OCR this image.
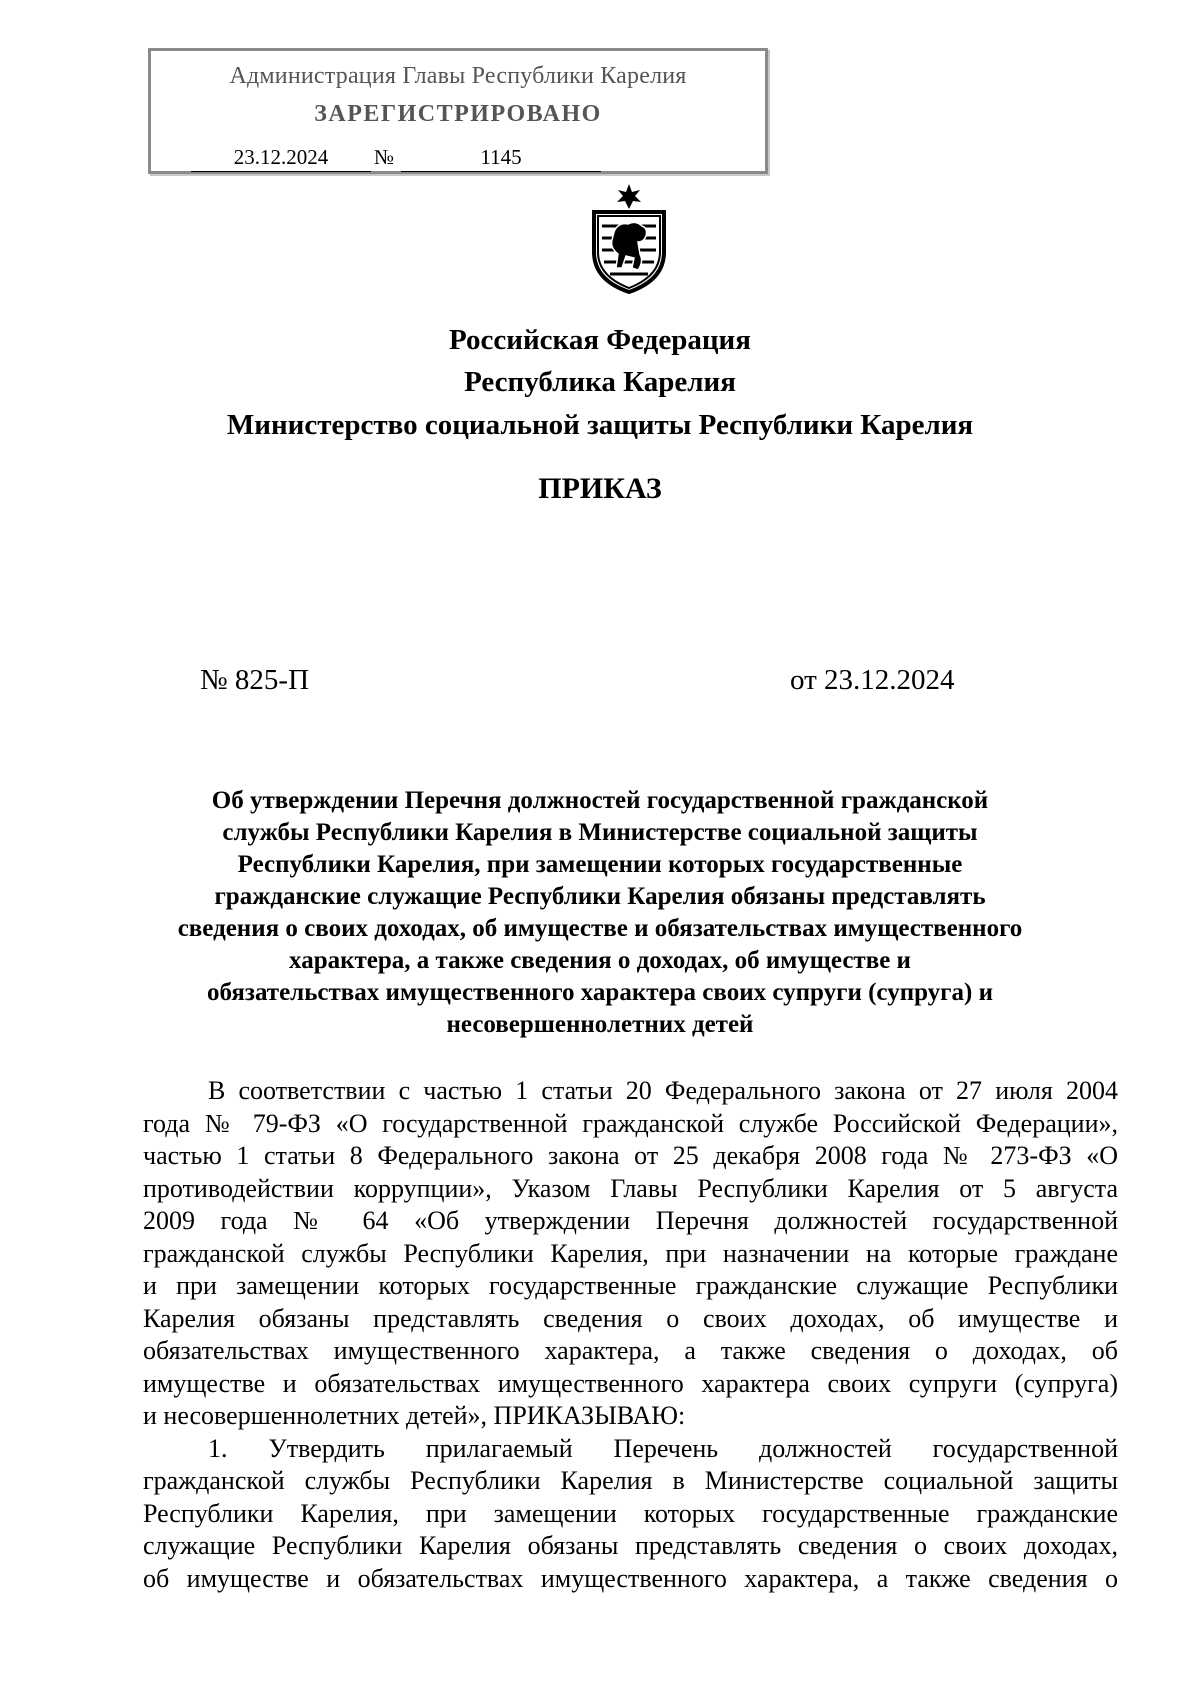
Администрация Главы Республики Карелия
ЗАРЕГИСТРИРОВАНО
23.12.2024	№	1145
Российская Федерация
Республика Карелия
Министерство социальной защиты Республики Карелия
ПРИКАЗ
№ 825-П	от 23.12.2024
Об утверждении Перечня должностей государственной гражданской
службы Республики Карелия в Министерстве социальной защиты
Республики Карелия, при замещении которых государственные
гражданские служащие Республики Карелия обязаны представлять
сведения о своих доходах, об имуществе и обязательствах имущественного
характера, а также сведения о доходах, об имуществе и
обязательствах имущественного характера своих супруги (супруга) и
несовершеннолетних детей
В соответствии с частью 1 статьи 20 Федерального закона от 27 июля 2004
года № 79-ФЗ «О государственной гражданской службе Российской Федерации»,
частью 1 статьи 8 Федерального закона от 25 декабря 2008 года № 273-ФЗ «О
противодействии коррупции», Указом Главы Республики Карелия от 5 августа
2009 года № 64 «Об утверждении Перечня должностей государственной
гражданской службы Республики Карелия, при назначении на которые граждане
и при замещении которых государственные гражданские служащие Республики
Карелия обязаны представлять сведения о своих доходах, об имуществе и
обязательствах имущественного характера, а также сведения о доходах, об
имуществе и обязательствах имущественного характера своих супруги (супруга)
и несовершеннолетних детей», ПРИКАЗЫВАЮ:
1. Утвердить прилагаемый Перечень должностей государственной
гражданской службы Республики Карелия в Министерстве социальной защиты
Республики Карелия, при замещении которых государственные гражданские
служащие Республики Карелия обязаны представлять сведения о своих доходах,
об имуществе и обязательствах имущественного характера, а также сведения о
